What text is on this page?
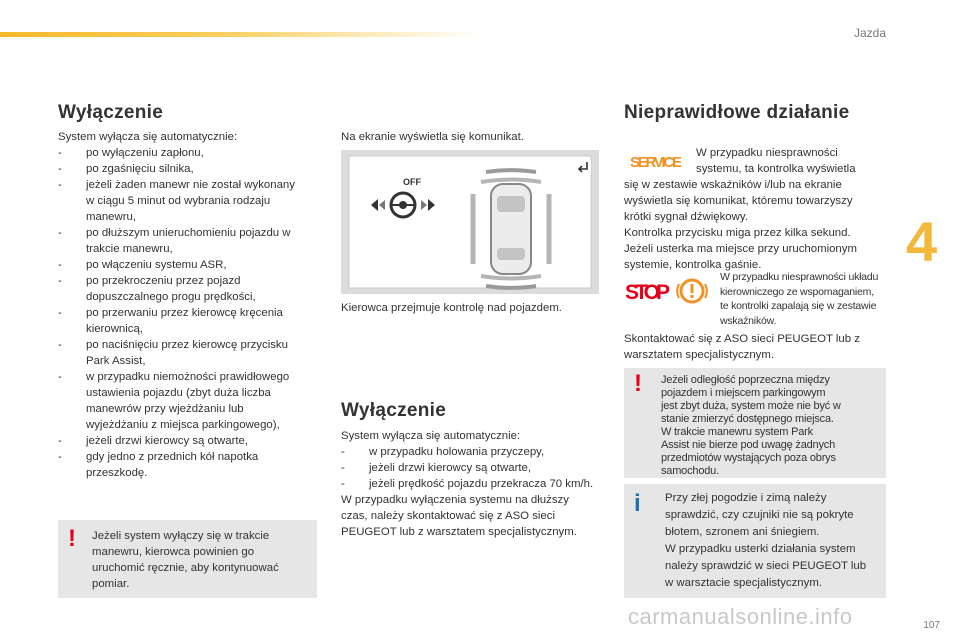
Jazda
4
107
Wyłączenie

System wyłącza się automatycznie:

- po wyłączeniu zapłonu,
- po zgaśnięciu silnika,
- jeżeli żaden manewr nie został wykonany
w ciągu 5 minut od wybrania rodzaju
manewru,
- po dłuższym unieruchomieniu pojazdu w
trakcie manewru,
- po włączeniu systemu ASR,
- po przekroczeniu przez pojazd
dopuszczalnego progu prędkości,
- po przerwaniu przez kierowcę kręcenia
kierownicą,
- po naciśnięciu przez kierowcę przycisku
Park Assist,
- w przypadku niemożności prawidłowego
ustawienia pojazdu (zbyt duża liczba
manewrów przy wjeżdżaniu lub
wyjeżdżaniu z miejsca parkingowego),
- jeżeli drzwi kierowcy są otwarte,
- gdy jedno z przednich kół napotka
przeszkodę.
! Jeżeli system wyłączy się w trakcie
manewru, kierowca powinien go
uruchomić ręcznie, aby kontynuować
pomiar.
Na ekranie wyświetla się komunikat.
OFF
Kierowca przejmuje kontrolę nad pojazdem.
Wyłączenie

System wyłącza się automatycznie:

- w przypadku holowania przyczepy,
- jeżeli drzwi kierowcy są otwarte,
- jeżeli prędkość pojazdu przekracza 70 km/h.
W przypadku wyłączenia systemu na dłuższy
czas, należy skontaktować się z ASO sieci
PEUGEOT lub z warsztatem specjalistycznym.
Nieprawidłowe działanie
SERVICE
W przypadku niesprawności
systemu, ta kontrolka wyświetla
się w zestawie wskaźników i/lub na ekranie
wyświetla się komunikat, któremu towarzyszy
krótki sygnał dźwiękowy.
Kontrolka przycisku miga przez kilka sekund.
Jeżeli usterka ma miejsce przy uruchomionym
systemie, kontrolka gaśnie.
STOP
W przypadku niesprawności układu
kierowniczego ze wspomaganiem,
te kontrolki zapalają się w zestawie
wskaźników.
Skontaktować się z ASO sieci PEUGEOT lub z
warsztatem specjalistycznym.
! Jeżeli odległość poprzeczna między
pojazdem i miejscem parkingowym
jest zbyt duża, system może nie być w
stanie zmierzyć dostępnego miejsca.
W trakcie manewru system Park
Assist nie bierze pod uwagę żadnych
przedmiotów wystających poza obrys
samochodu.
i Przy złej pogodzie i zimą należy
sprawdzić, czy czujniki nie są pokryte
błotem, szronem ani śniegiem.
W przypadku usterki działania system
należy sprawdzić w sieci PEUGEOT lub
w warsztacie specjalistycznym.
carmanualsonline.info
